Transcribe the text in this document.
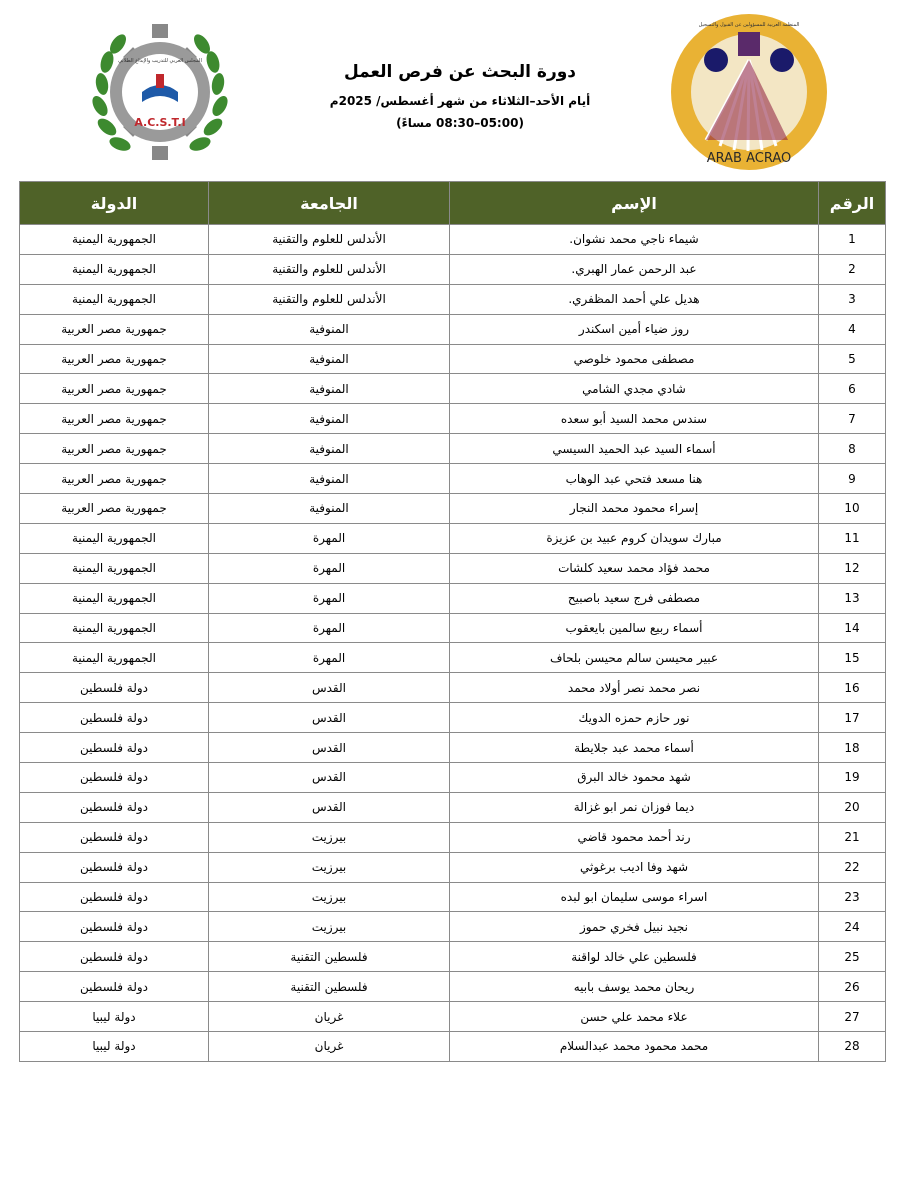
A.C.S.T.I
المجلس العربي للتدريب والإبداع الطلابي

دورة البحث عن فرص العمل

أيام الأحد–الثلاثاء من شهر أغسطس/ 2025م

(05:00–08:30 مساءً)

ARAB ACRAO
المنظمة العربية للمسؤولين عن القبول والتسجيل
الرقم	الإسم	الجامعة	الدولة
1	شيماء ناجي محمد نشوان.	الأندلس للعلوم والتقنية	الجمهورية اليمنية
2	عبد الرحمن عمار الهبري.	الأندلس للعلوم والتقنية	الجمهورية اليمنية
3	هديل علي أحمد المظفري.	الأندلس للعلوم والتقنية	الجمهورية اليمنية
4	روز ضياء أمين اسكندر	المنوفية	جمهورية مصر العربية
5	مصطفى محمود خلوصي	المنوفية	جمهورية مصر العربية
6	شادي مجدي الشامي	المنوفية	جمهورية مصر العربية
7	سندس محمد السيد أبو سعده	المنوفية	جمهورية مصر العربية
8	أسماء السيد عبد الحميد السيسي	المنوفية	جمهورية مصر العربية
9	هنا مسعد فتحي عبد الوهاب	المنوفية	جمهورية مصر العربية
10	إسراء محمود محمد النجار	المنوفية	جمهورية مصر العربية
11	مبارك سويدان كروم عبيد بن عزيزة	المهرة	الجمهورية اليمنية
12	محمد فؤاد محمد سعيد كلشات	المهرة	الجمهورية اليمنية
13	مصطفى فرج سعيد باصبيح	المهرة	الجمهورية اليمنية
14	أسماء ربيع سالمين بايعقوب	المهرة	الجمهورية اليمنية
15	عبير محيسن سالم محيسن بلحاف	المهرة	الجمهورية اليمنية
16	نصر محمد نصر أولاد محمد	القدس	دولة فلسطين
17	نور حازم حمزه الدويك	القدس	دولة فلسطين
18	أسماء محمد عبد جلايطة	القدس	دولة فلسطين
19	شهد محمود خالد البرق	القدس	دولة فلسطين
20	ديما فوزان نمر ابو غزالة	القدس	دولة فلسطين
21	رند أحمد محمود قاضي	بيرزيت	دولة فلسطين
22	شهد وفا اديب برغوثي	بيرزيت	دولة فلسطين
23	اسراء موسى سليمان ابو لبده	بيرزيت	دولة فلسطين
24	نجيد نبيل فخري حموز	بيرزيت	دولة فلسطين
25	فلسطين علي خالد لواقنة	فلسطين التقنية	دولة فلسطين
26	ريحان محمد يوسف بابيه	فلسطين التقنية	دولة فلسطين
27	علاء محمد علي حسن	غريان	دولة ليبيا
28	محمد محمود محمد عبدالسلام	غريان	دولة ليبيا
